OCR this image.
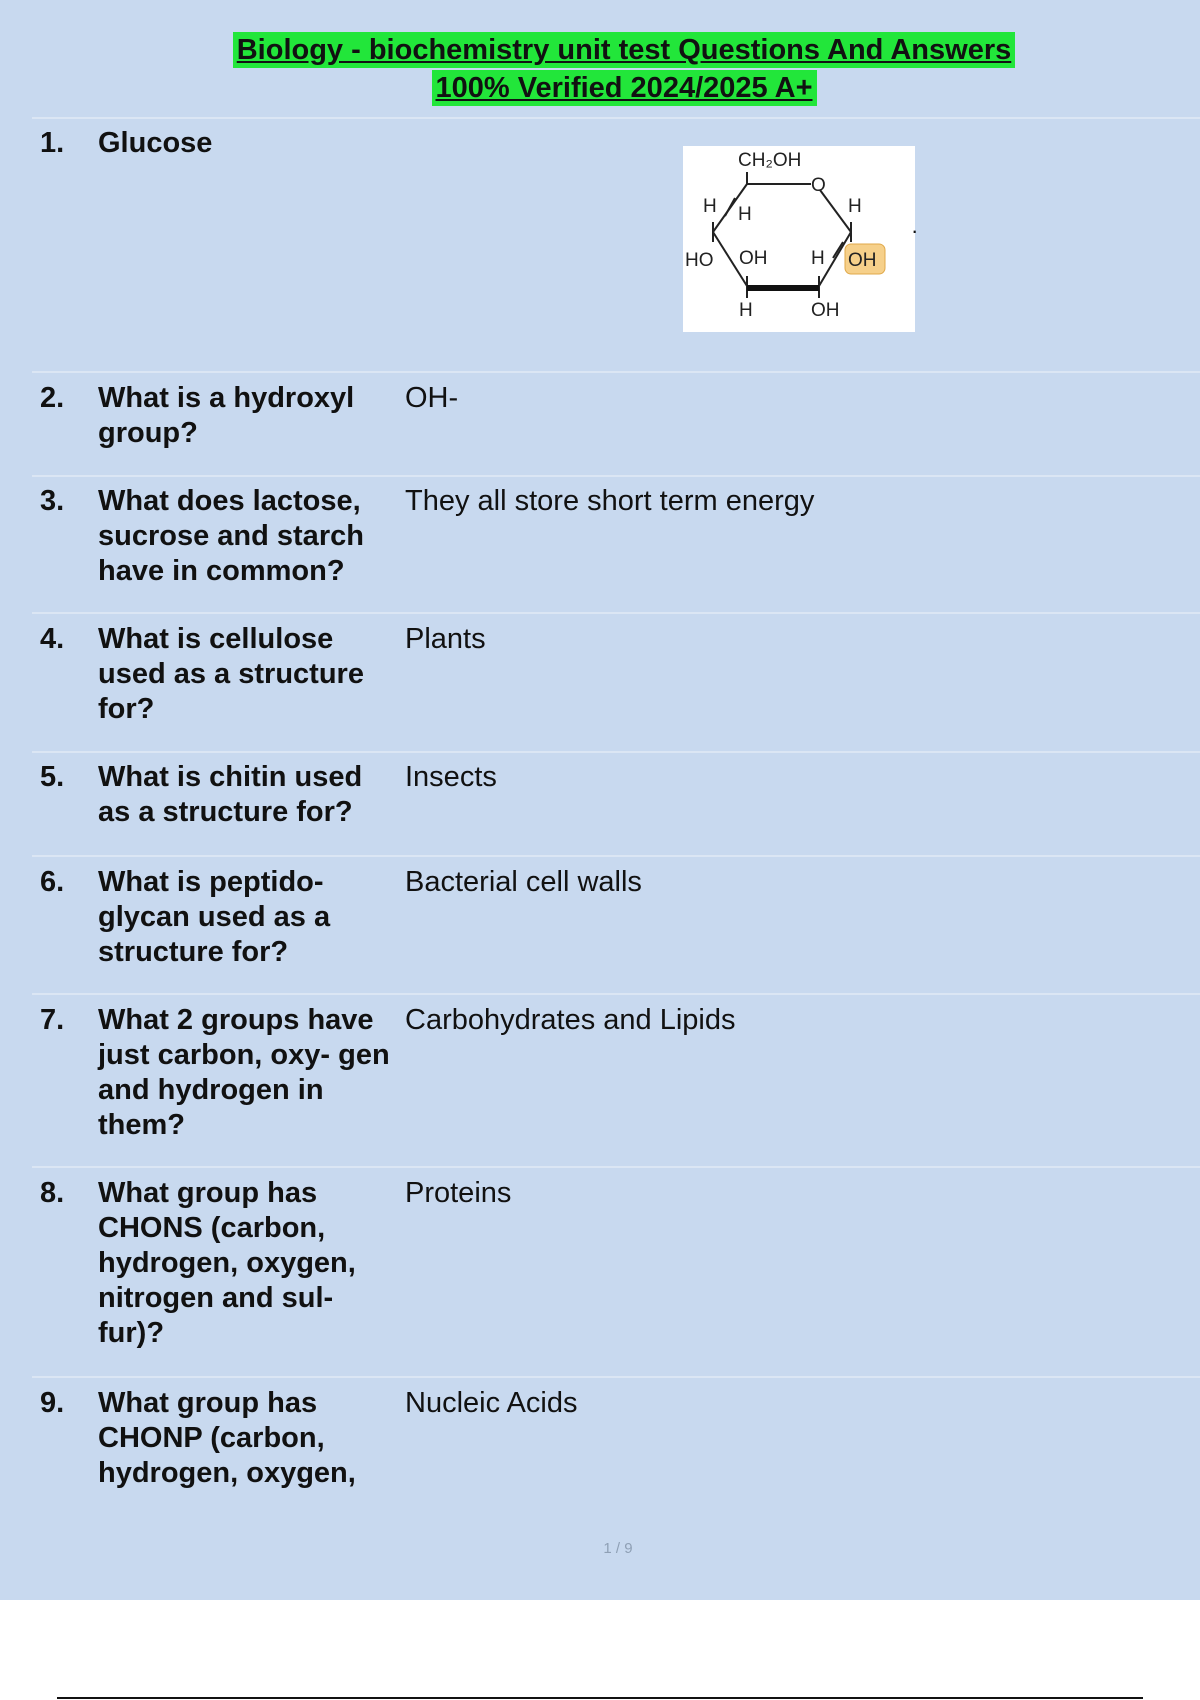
Biology - biochemistry unit test Questions And Answers
100% Verified 2024/2025 A+
1. Glucose
CH₂OH
O
H H	H
HO OH H OH
H	OH
·
2. What is a hydroxyl group?
OH-
3. What does lactose, sucrose and starch have in common?
They all store short term energy
4. What is cellulose used as a structure for?
Plants
5. What is chitin used as a structure for?
Insects
6. What is peptido- glycan used as a structure for?
Bacterial cell walls
7. What 2 groups have just carbon, oxy- gen and hydrogen in them?
Carbohydrates and Lipids
8. What group has CHONS (carbon, hydrogen, oxygen, nitrogen and sul- fur)?
Proteins
9. What group has CHONP (carbon, hydrogen, oxygen,
Nucleic Acids
1 / 9
